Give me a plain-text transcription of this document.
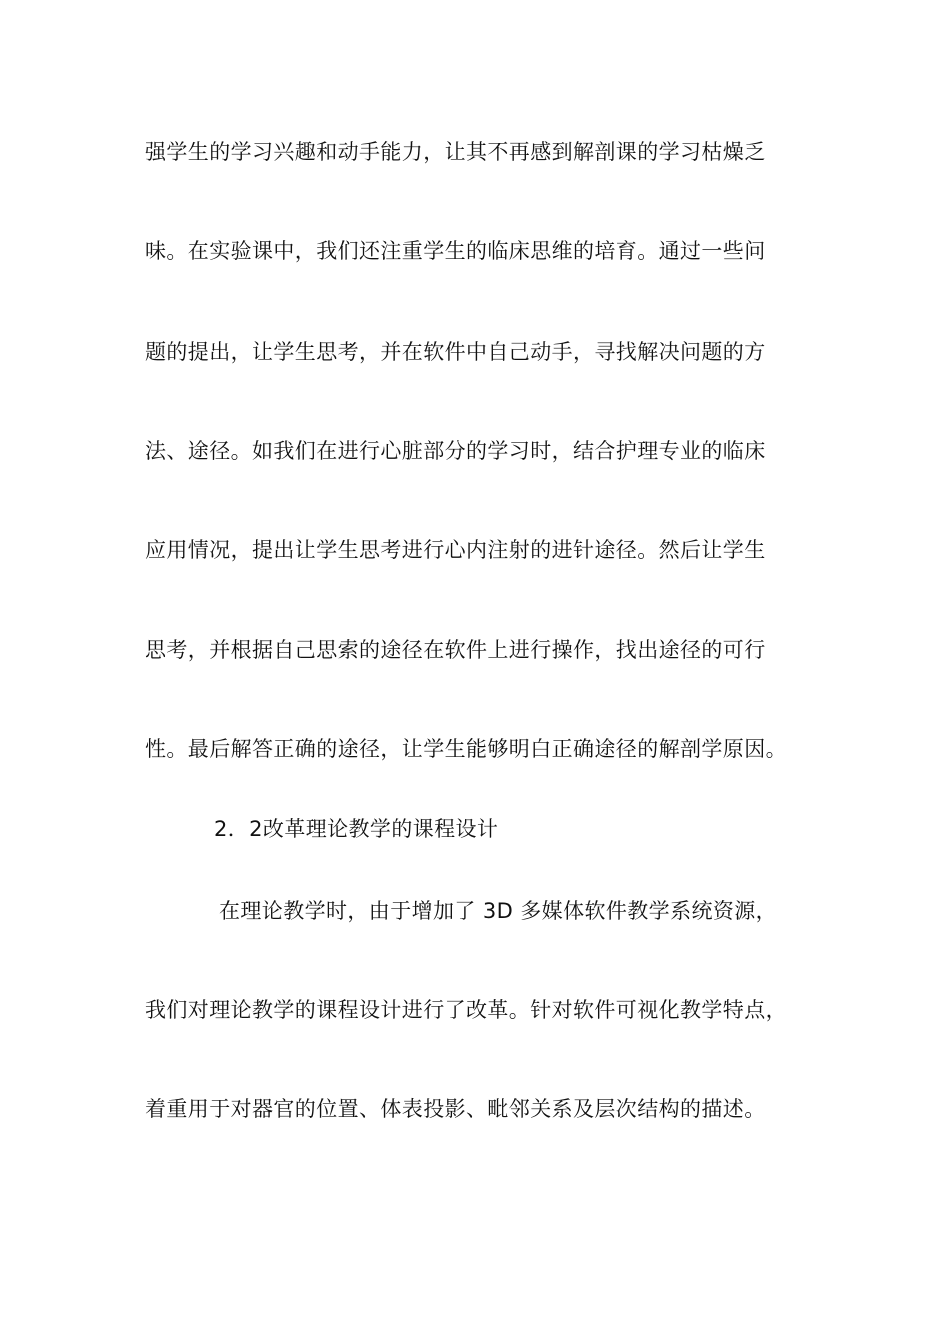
强学生的学习兴趣和动手能力，让其不再感到解剖课的学习枯燥乏
味。在实验课中，我们还注重学生的临床思维的培育。通过一些问
题的提出，让学生思考，并在软件中自己动手，寻找解决问题的方
法、途径。如我们在进行心脏部分的学习时，结合护理专业的临床
应用情况，提出让学生思考进行心内注射的进针途径。然后让学生
思考，并根据自己思索的途径在软件上进行操作，找出途径的可行
性。最后解答正确的途径，让学生能够明白正确途径的解剖学原因。
2．2改革理论教学的课程设计
在理论教学时，由于增加了 3D 多媒体软件教学系统资源，
我们对理论教学的课程设计进行了改革。针对软件可视化教学特点，
着重用于对器官的位置、体表投影、毗邻关系及层次结构的描述。
